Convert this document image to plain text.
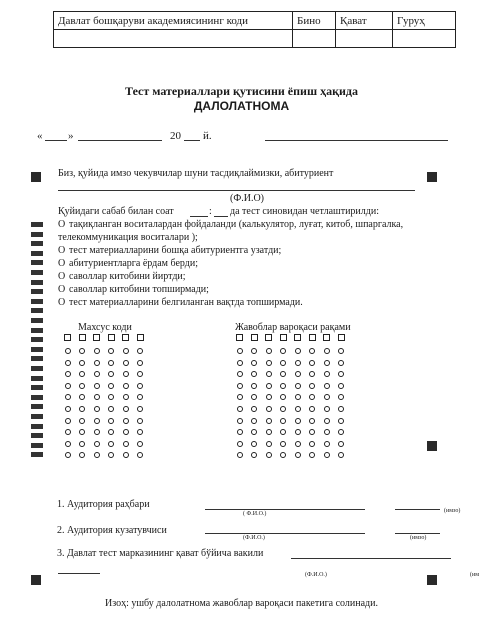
Давлат бошқаруви академиясининг коди	Бино	Қават	Гуруҳ

Тест материаллари қутисини ёпиш ҳақида
ДАЛОЛАТНОМА
« »	20 й.
Биз, қуйида имзо чекувчилар шуни тасдиқлаймизки, абитуриент
(Ф.И.О)
Қуйидаги сабаб билан соат	: да тест синовидан четлаштирилди:
O тақиқланган воситалардан фойдаланди (калькулятор, луғат, китоб, шпаргалка,
телекоммуникация воситалари );
O тест материалларини бошқа абитуриентга узатди;
O абитуриентларга ёрдам берди;
O саволлар китобини йиртди;
O саволлар китобини топширмади;
O тест материалларини белгиланган вақтда топширмади.
Махсус коди	Жавоблар вароқаси рақами
1. Аудитория раҳбари
( Ф.И.О.)	(имзо)
2. Аудитория кузатувчиси
(Ф.И.О.)	(имзо)
3. Давлат тест марказининг қават бўйича вакили
(Ф.И.О.)	(им
Изоҳ: ушбу далолатнома жавоблар вароқаси пакетига солинади.
